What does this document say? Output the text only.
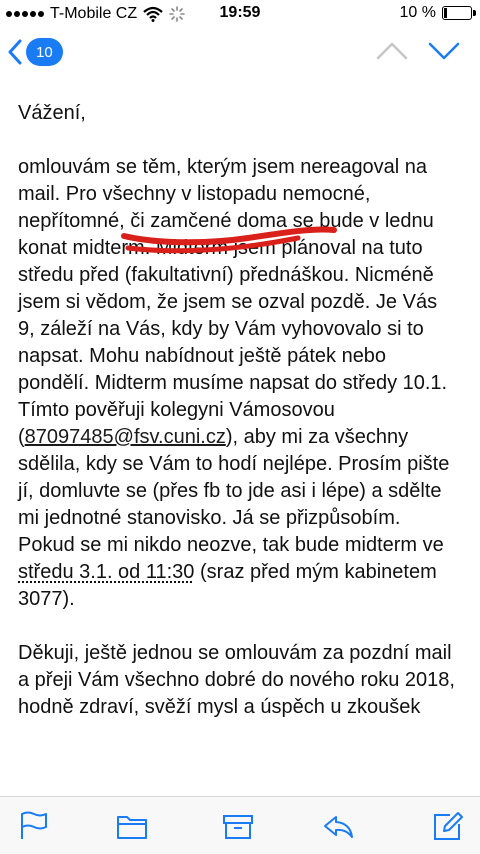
T-Mobile CZ	19:59	10 %
10

Vážení,

omlouvám se těm, kterým jsem nereagoval na mail. Pro všechny v listopadu nemocné, nepřítomné, či zamčené doma se bude v lednu konat midterm. Midterm jsem plánoval na tuto středu před (fakultativní) přednáškou. Nicméně jsem si vědom, že jsem se ozval pozdě. Je Vás 9, záleží na Vás, kdy by Vám vyhovovalo si to napsat. Mohu nabídnout ještě pátek nebo pondělí. Midterm musíme napsat do středy 10.1. Tímto pověřuji kolegyni Vámosovou (87097485@fsv.cuni.cz), aby mi za všechny sdělila, kdy se Vám to hodí nejlépe. Prosím pište jí, domluvte se (přes fb to jde asi i lépe) a sdělte mi jednotné stanovisko. Já se přizpůsobím. Pokud se mi nikdo neozve, tak bude midterm ve středu 3.1. od 11:30 (sraz před mým kabinetem 3077).

Děkuji, ještě jednou se omlouvám za pozdní mail a přeji Vám všechno dobré do nového roku 2018, hodně zdraví, svěží mysl a úspěch u zkoušek
